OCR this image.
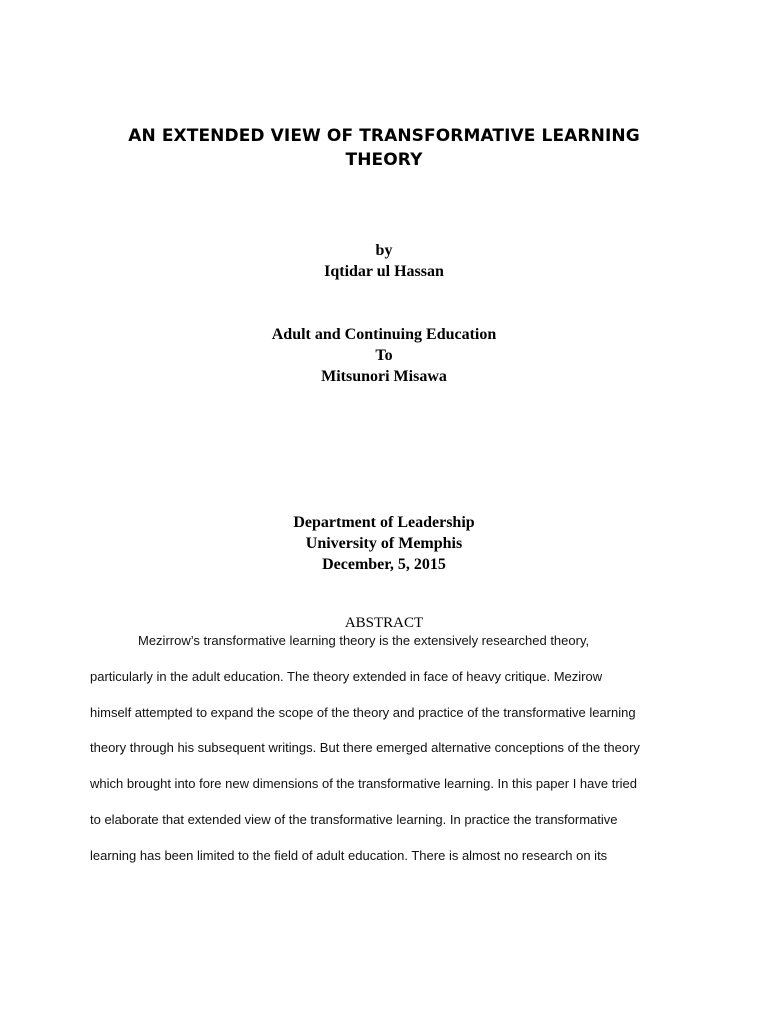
AN EXTENDED VIEW OF TRANSFORMATIVE LEARNING
THEORY
by
Iqtidar ul Hassan
Adult and Continuing Education
To
Mitsunori Misawa
Department of Leadership
University of Memphis
December, 5, 2015
ABSTRACT
Mezirrow’s transformative learning theory is the extensively researched theory,
particularly in the adult education. The theory extended in face of heavy critique. Mezirow
himself attempted to expand the scope of the theory and practice of the transformative learning
theory through his subsequent writings. But there emerged alternative conceptions of the theory
which brought into fore new dimensions of the transformative learning. In this paper I have tried
to elaborate that extended view of the transformative learning. In practice the transformative
learning has been limited to the field of adult education. There is almost no research on its
